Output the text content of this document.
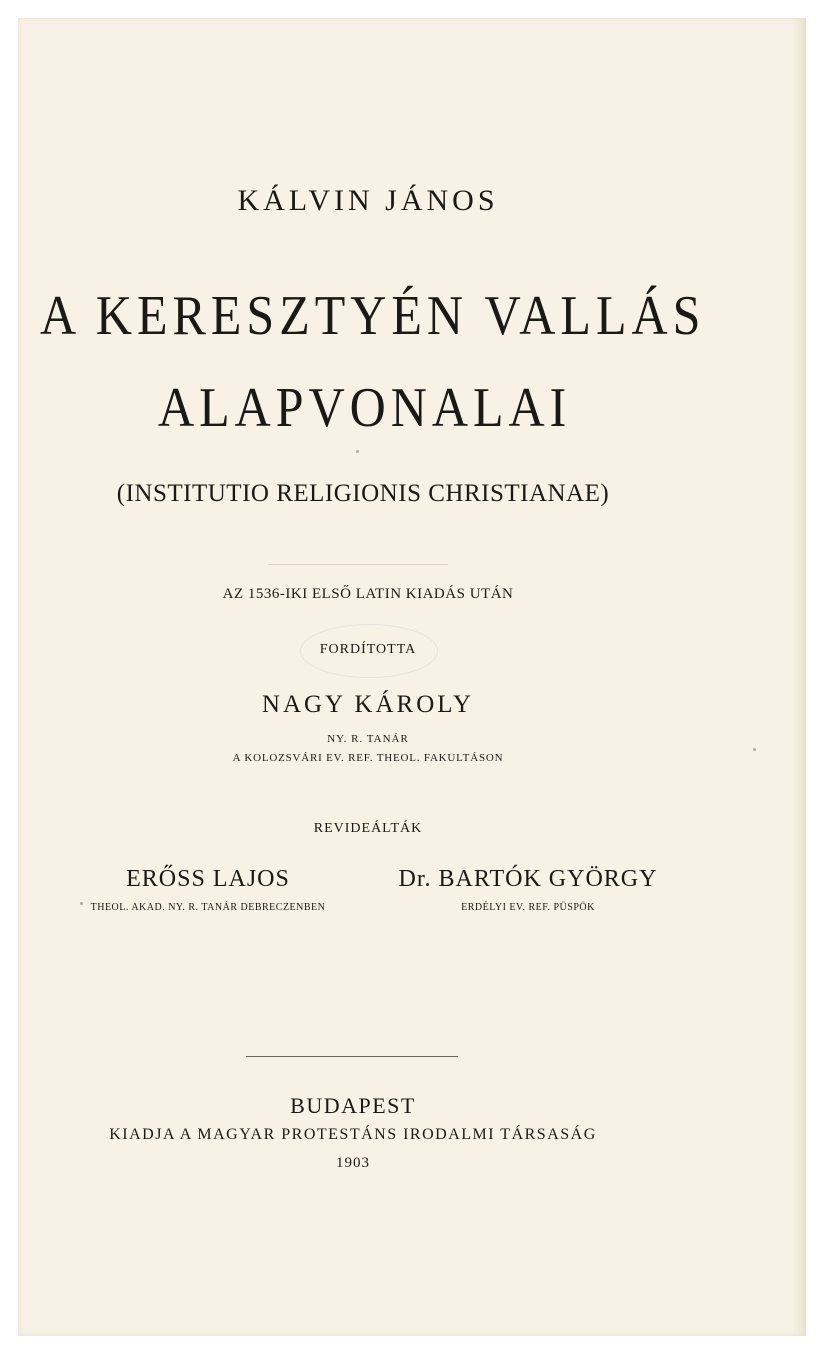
KÁLVIN JÁNOS
A KERESZTYÉN VALLÁS
ALAPVONALAI
(INSTITUTIO RELIGIONIS CHRISTIANAE)
AZ 1536-IKI ELSŐ LATIN KIADÁS UTÁN
FORDÍTOTTA
NAGY KÁROLY
NY. R. TANÁR
A KOLOZSVÁRI EV. REF. THEOL. FAKULTÁSON
REVIDEÁLTÁK
ERŐSS LAJOS	Dr. BARTÓK GYÖRGY
THEOL. AKAD. NY. R. TANÁR DEBRECZENBEN	ERDÉLYI EV. REF. PÜSPÖK
BUDAPEST
KIADJA A MAGYAR PROTESTÁNS IRODALMI TÁRSASÁG
1903
